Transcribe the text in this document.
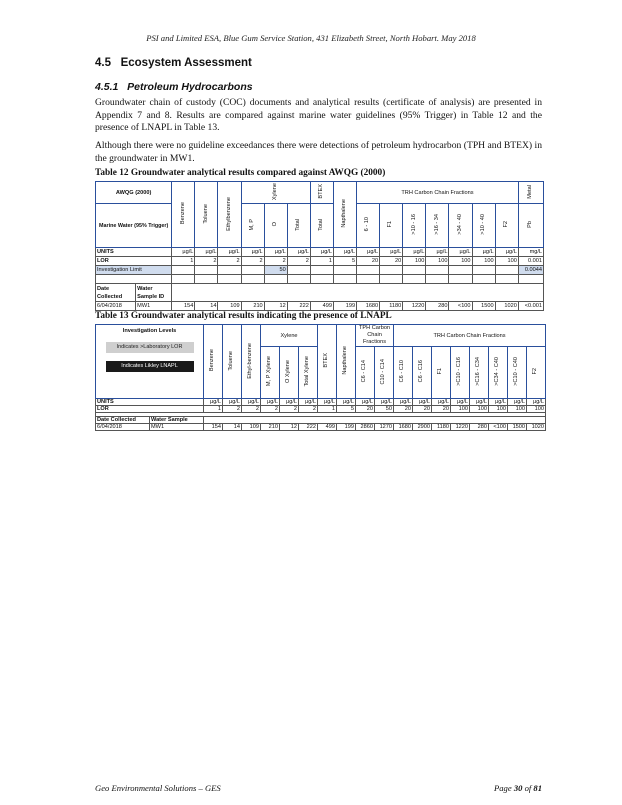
PSI and Limited ESA, Blue Gum Service Station, 431 Elizabeth Street, North Hobart. May 2018
4.5 Ecosystem Assessment
4.5.1 Petroleum Hydrocarbons

Groundwater chain of custody (COC) documents and analytical results (certificate of analysis) are presented in Appendix 7 and 8. Results are compared against marine water guidelines (95% Trigger) in Table 12 and the presence of LNAPL in Table 13.

Although there were no guideline exceedances there were detections of petroleum hydrocarbon (TPH and BTEX) in the groundwater in MW1.

Table 12 Groundwater analytical results compared against AWQG (2000)
AWQG (2000)		Benzene	Toluene	Ethylbenzene	Xylene			BTEX	Napthalene	TRH Carbon Chain Fractions							Metal
Marine Water (95% Trigger)					M, P	O	Total	Total		6 - 10	F1	>10 - 16	>16 - 34	>34 - 40	>10 - 40	F2	Pb
UNITS		µg/L	µg/L	µg/L	µg/L	µg/L	µg/L	µg/L	µg/L	µg/L	µg/L	µg/L	µg/L	µg/L	µg/L	µg/L	mg/L
LOR		1	2	2	2	2	2	1	5	20	20	100	100	100	100	100	0.001
Investigation Limit						50											0.0044

Date Collected	Water Sample ID																
6/04/2018	MW1	154	14	109	210	12	222	499	199	1680	1180	1220	280	<100	1500	1020	<0.001
Table 13 Groundwater analytical results indicating the presence of LNAPL
Investigation Levels
Indicates >Laboratory LOR
Indicates Likley LNAPL		Benzene	Toluene	Ethyl-benzene	Xylene			BTEX	Napthalene	TPH Carbon Chain Fractions		TRH Carbon Chain Fractions							
					M, P Xylene	O Xylene	Total Xylene			C6 - C14	C10 - C14	C6 - C10	C6 - C16	F1	>C10 - C16	>C16 - C34	>C34 - C40	>C10 - C40	F2
UNITS		µg/L	µg/L	µg/L	µg/L	µg/L	µg/L	µg/L	µg/L	µg/L	µg/L	µg/L	µg/L	µg/L	µg/L	µg/L	µg/L	µg/L	µg/L
LOR		1	2	2	2	2	2	1	5	20	50	20	20	20	100	100	100	100	100

Date Collected	Water Sample																		
6/04/2018	MW1	154	14	109	210	12	222	499	199	2860	1270	1680	2900	1180	1220	280	<100	1500	1020
Geo Environmental Solutions – GES	Page 30 of 81
